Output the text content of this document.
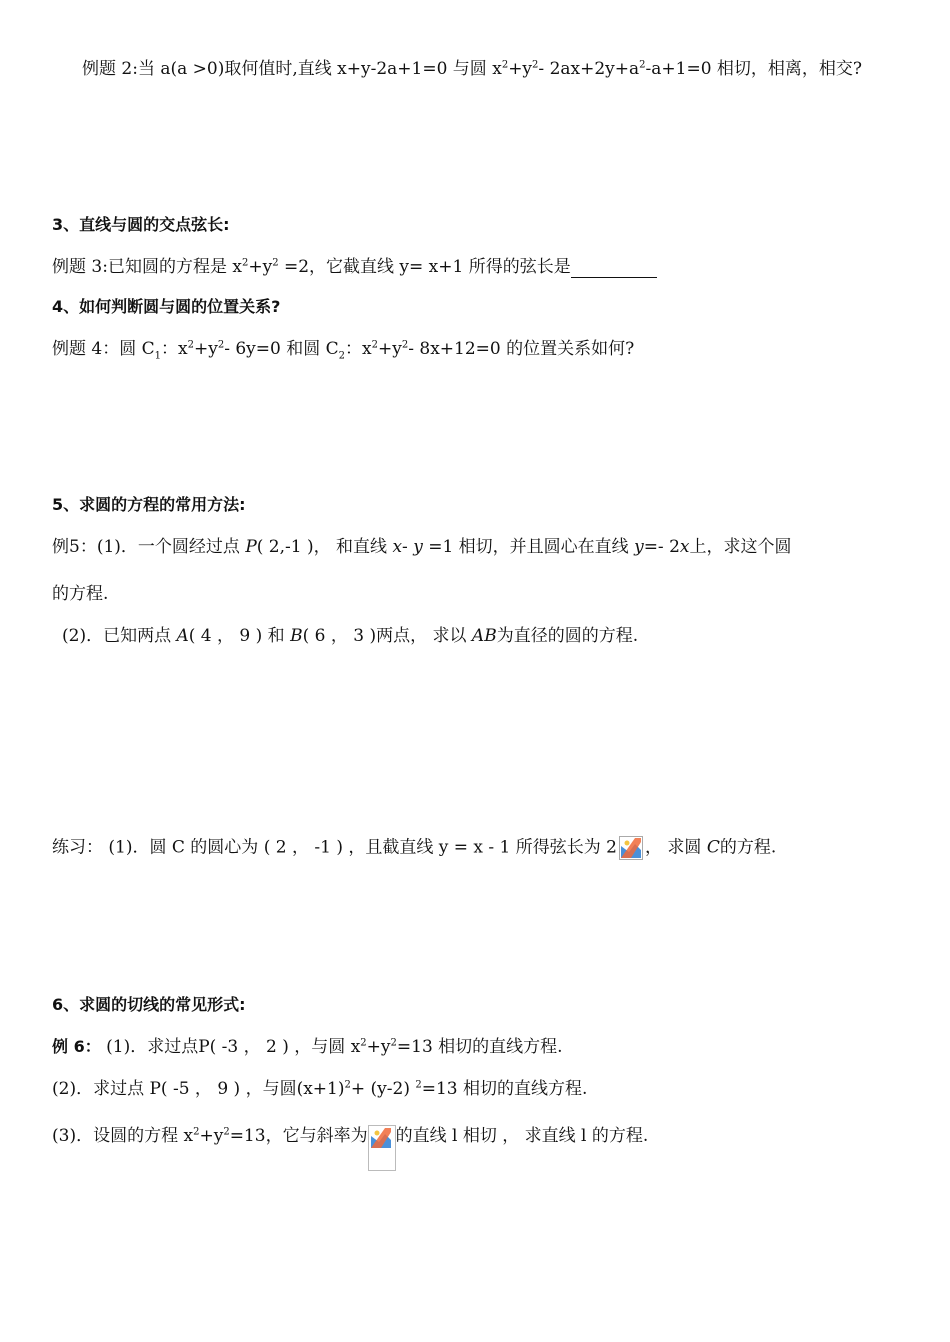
例题 2:当 a(a >0)取何值时,直线 x+y-2a+1=0 与圆 $x^2+y^2-$ $2ax+2y+a^2-a+1=0$ 相切，相离，相交?
3、直线与圆的交点弦长:
例题 3:已知圆的方程是 $x^2+y^2 =2$，它截直线 y= x+1 所得的弦长是
4、如何判断圆与圆的位置关系?
例题 4：圆 $C_1$：$x^2+y^2-$ 6y=0 和圆 $C_2$：$x^2+y^2-$ 8x+12=0 的位置关系如何?
5、求圆的方程的常用方法:
例5：(1)．一个圆经过点 P( 2,-1 )， 和直线 x- y =1 相切，并且圆心在直线 y=- 2x上，求这个圆
的方程.
(2)．已知两点 A( 4 ， 9 ) 和 B( 6 ， 3 )两点， 求以 AB为直径的圆的方程.
练习： (1)．圆 C 的圆心为 ( 2 ， -1 ) ，且截直线 y = x - 1 所得弦长为 2 ， 求圆 C的方程.
6、求圆的切线的常见形式:
例 6： (1)．求过点P( -3 ， 2 ) ，与圆 $x^2+y^2=13$ 相切的直线方程.
(2)．求过点 P( -5 ， 9 ) ，与圆$(x+1)^2+ (y-2)$ $^2$=13 相切的直线方程.
(3)．设圆的方程 $x^2+y^2=13$，它与斜率为 的直线 l 相切 ， 求直线 l 的方程.
